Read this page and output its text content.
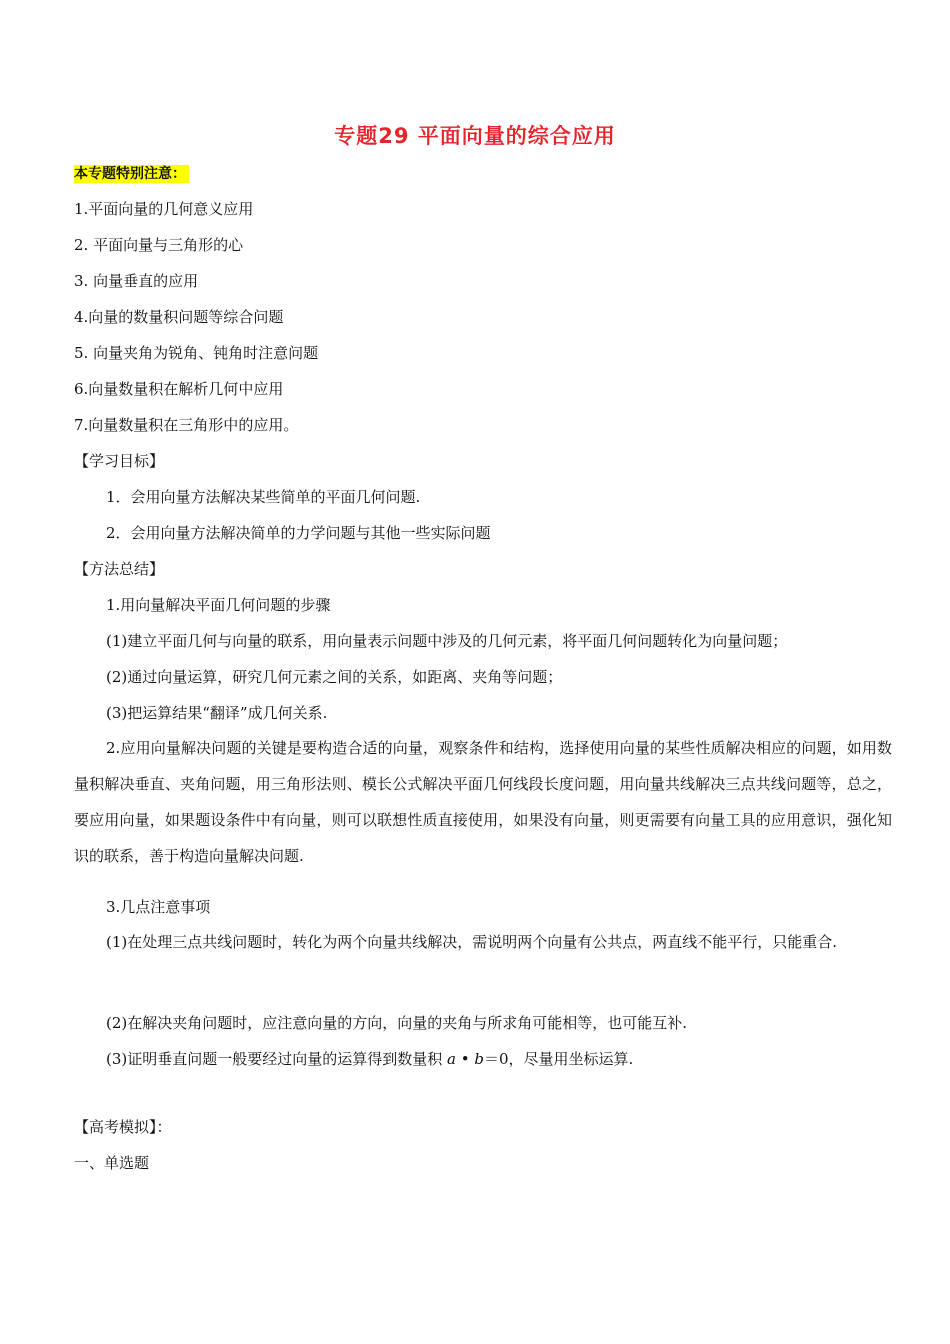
专题29 平面向量的综合应用
本专题特别注意：
1.平面向量的几何意义应用
2. 平面向量与三角形的心
3. 向量垂直的应用
4.向量的数量积问题等综合问题
5. 向量夹角为锐角、钝角时注意问题
6.向量数量积在解析几何中应用
7.向量数量积在三角形中的应用。
【学习目标】
1．会用向量方法解决某些简单的平面几何问题.
2．会用向量方法解决简单的力学问题与其他一些实际问题
【方法总结】
1.用向量解决平面几何问题的步骤
(1)建立平面几何与向量的联系，用向量表示问题中涉及的几何元素，将平面几何问题转化为向量问题；
(2)通过向量运算，研究几何元素之间的关系，如距离、夹角等问题；
(3)把运算结果“翻译”成几何关系.
2.应用向量解决问题的关键是要构造合适的向量，观察条件和结构，选择使用向量的某些性质解决相应的问题，如用数量积解决垂直、夹角问题，用三角形法则、模长公式解决平面几何线段长度问题，用向量共线解决三点共线问题等，总之，要应用向量，如果题设条件中有向量，则可以联想性质直接使用，如果没有向量，则更需要有向量工具的应用意识，强化知识的联系，善于构造向量解决问题.
3.几点注意事项
(1)在处理三点共线问题时，转化为两个向量共线解决，需说明两个向量有公共点，两直线不能平行，只能重合.
(2)在解决夹角问题时，应注意向量的方向，向量的夹角与所求角可能相等，也可能互补.
(3)证明垂直问题一般要经过向量的运算得到数量积 a • b＝0，尽量用坐标运算.
【高考模拟】：
一、单选题
